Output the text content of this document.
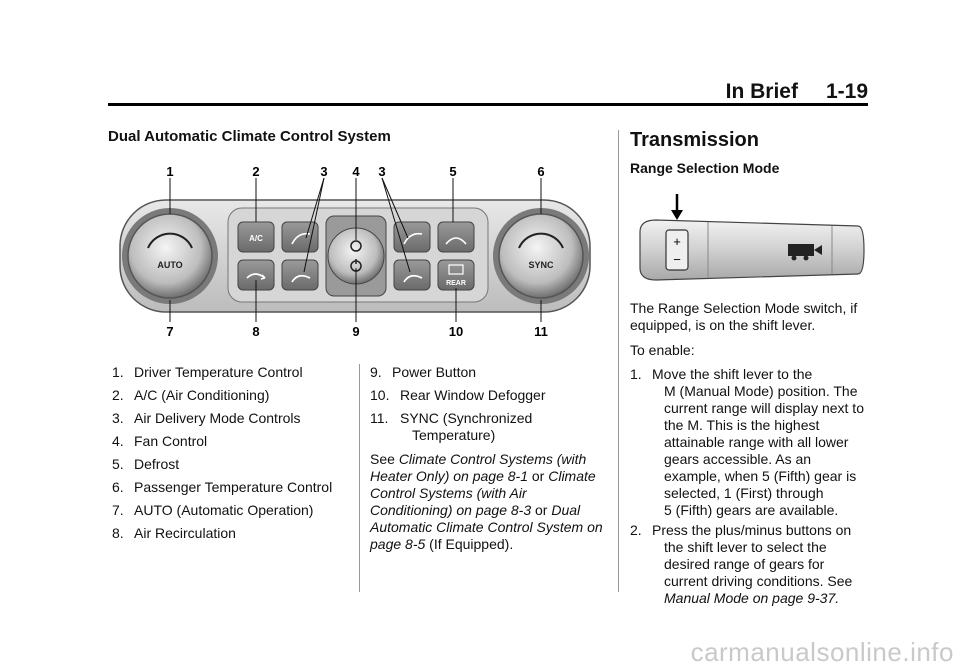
In Brief 1-19
Dual Automatic Climate Control System
AUTO	SYNC
A/C
REAR
1	2	3 4 3	5	6
7	8	9	10	11
1. Driver Temperature Control
2. A/C (Air Conditioning)
3. Air Delivery Mode Controls
4. Fan Control
5. Defrost
6. Passenger Temperature Control
7. AUTO (Automatic Operation)
8. Air Recirculation
9. Power Button
10. Rear Window Defogger
11. SYNC (Synchronized
Temperature)
See Climate Control Systems (with Heater Only) on page 8-1 or Climate Control Systems (with Air Conditioning) on page 8-3 or Dual Automatic Climate Control System on page 8-5 (If Equipped).
Transmission
Range Selection Mode
+
−
The Range Selection Mode switch, if equipped, is on the shift lever.
To enable:
1. Move the shift lever to the
M (Manual Mode) position. The
current range will display next to
the M. This is the highest
attainable range with all lower
gears accessible. As an
example, when 5 (Fifth) gear is
selected, 1 (First) through
5 (Fifth) gears are available.
2. Press the plus/minus buttons on
the shift lever to select the
desired range of gears for
current driving conditions. See
Manual Mode on page 9-37.
carmanualsonline.info
